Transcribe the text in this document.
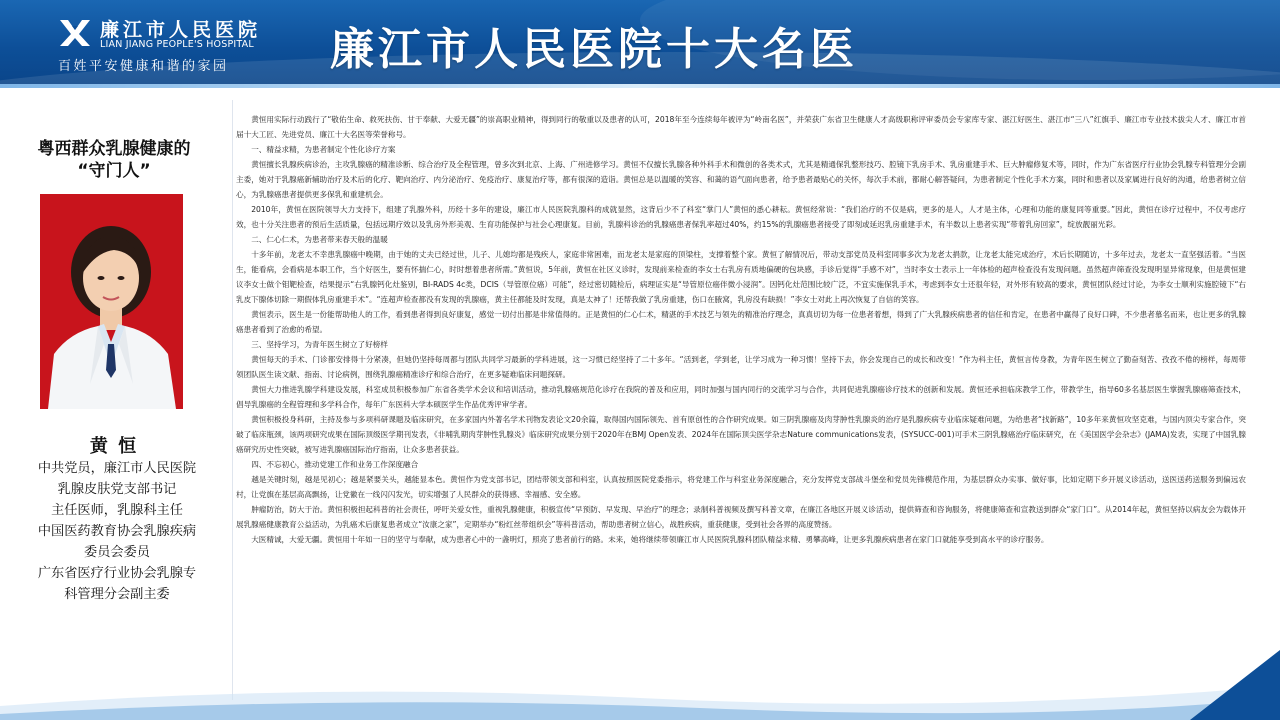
廉江市人民医院
LIAN JIANG PEOPLE'S HOSPITAL
百姓平安健康和谐的家园 廉江市人民医院十大名医
粤西群众乳腺健康的
“守门人”
黄 恒
中共党员，廉江市人民医院
乳腺皮肤党支部书记
主任医师，乳腺科主任
中国医药教育协会乳腺疾病
委员会委员
广东省医疗行业协会乳腺专
科管理分会副主委

黄恒用实际行动践行了“敬佑生命、救死扶伤、甘于奉献、大爱无疆”的崇高职业精神，得到同行的敬重以及患者的认可，2018年至今连续每年被评为“岭南名医”，并荣获广东省卫生健康人才高级职称评审委员会专家库专家、湛江好医生、湛江市“三八”红旗手、廉江市专业技术拔尖人才、廉江市首届十大工匠、先进党员、廉江十大名医等荣誉称号。

一、精益求精，为患者制定个性化诊疗方案

黄恒擅长乳腺疾病诊治，主攻乳腺癌的精准诊断、综合治疗及全程管理，曾多次到北京、上海、广州进修学习。黄恒不仅擅长乳腺各种外科手术和微创的各类术式，尤其是精通保乳整形技巧、腔镜下乳房手术、乳房重建手术、巨大肿瘤修复术等，同时，作为广东省医疗行业协会乳腺专科管理分会副主委，她对于乳腺癌新辅助治疗及术后的化疗、靶向治疗、内分泌治疗、免疫治疗、康复治疗等，都有很深的造诣。黄恒总是以温暖的笑容、和蔼的语气面向患者，给予患者最贴心的关怀，每次手术前，都耐心解答疑问，为患者制定个性化手术方案，同时和患者以及家属进行良好的沟通，给患者树立信心，为乳腺癌患者提供更多保乳和重建机会。

2010年，黄恒在医院领导大力支持下，组建了乳腺外科，历经十多年的建设，廉江市人民医院乳腺科的成就显然，这背后少不了科室“掌门人”黄恒的悉心耕耘。黄恒经常说：“我们治疗的不仅是病，更多的是人，人才是主体，心理和功能的康复同等重要。”因此，黄恒在诊疗过程中，不仅考虑疗效，也十分关注患者的预后生活质量，包括远期疗效以及乳房外形美观、生育功能保护与社会心理康复。目前，乳腺科诊治的乳腺癌患者保乳率超过40%，约15%的乳腺癌患者接受了即刻或延迟乳房重建手术，有半数以上患者实现“带着乳房回家”，绽放靓丽光彩。

二、仁心仁术，为患者带来春天般的温暖

十多年前，龙老太不幸患乳腺癌中晚期，由于她的丈夫已经过世，儿子、儿媳均都是残疾人，家庭非常困难，而龙老太是家庭的顶梁柱，支撑着整个家。黄恒了解情况后，带动支部党员及科室同事多次为龙老太捐款，让龙老太能完成治疗，术后长期随访，十多年过去，龙老太一直坚强活着。“当医生，能看病，会看病是本职工作，当个好医生，要有怀揣仁心，时时想着患者所需。”黄恒说，5年前，黄恒在社区义诊时，发现前来检查的李女士右乳房有质地偏硬的包块感，手诊后觉得“手感不对”，当时李女士表示上一年体检的超声检查没有发现问题。虽然超声筛查没发现明显异常现象，但是黄恒建议李女士做个钼靶检查，结果提示“右乳腺钙化灶鉴别，BI-RADS 4c类，DCIS（导管原位癌）可能”，经过密切随检后，病理证实是“导管原位癌伴微小浸润”。因钙化灶范围比较广泛，不宜实施保乳手术，考虑到李女士还很年轻，对外形有较高的要求，黄恒团队经过讨论，为李女士顺利实施腔镜下“右乳皮下腺体切除一期假体乳房重建手术”。“连超声检查都没有发现的乳腺癌，黄主任都能及时发现，真是太神了！还帮我做了乳房重建，伤口在腋窝，乳房没有缺损！”李女士对此上再次恢复了自信的笑容。

黄恒表示，医生是一份能帮助他人的工作，看到患者得到良好康复，感觉一切付出都是非常值得的。正是黄恒的仁心仁术，精湛的手术技艺与领先的精准治疗理念，真真切切为每一位患者着想，得到了广大乳腺疾病患者的信任和肯定，在患者中赢得了良好口碑，不少患者慕名而来，也让更多的乳腺癌患者看到了治愈的希望。

三、坚持学习，为青年医生树立了好榜样

黄恒每天的手术、门诊都安排得十分紧凑，但她仍坚持每周都与团队共同学习最新的学科进展，这一习惯已经坚持了二十多年。“活到老，学到老，让学习成为一种习惯！坚持下去，你会发现自己的成长和改变！”作为科主任，黄恒言传身教，为青年医生树立了勤奋刻苦、孜孜不倦的榜样，每周带领团队医生读文献、指南、讨论病例，围绕乳腺癌精准诊疗和综合治疗，在更多疑难临床问题探研。

黄恒大力推进乳腺学科建设发展，科室成员积极参加广东省各类学术会议和培训活动，推动乳腺癌规范化诊疗在我院的普及和应用，同时加强与国内同行的交流学习与合作，共同促进乳腺癌诊疗技术的创新和发展。黄恒还承担临床教学工作，带教学生，指导60多名基层医生掌握乳腺癌筛查技术，倡导乳腺癌的全程管理和多学科合作，每年广东医科大学本硕医学生作品优秀评审学者。

黄恒积极投身科研，主持及参与多项科研课题及临床研究，在多家国内外著名学术刊物发表论文20余篇，取得国内国际领先、首有原创性的合作研究成果。如三阴乳腺癌及肉芽肿性乳腺炎的治疗是乳腺疾病专业临床疑难问题，为给患者“找新路”，10多年来黄恒攻坚克难，与国内顶尖专家合作，突破了临床瓶颈，该两项研究成果在国际顶级医学期刊发表，《非哺乳期肉芽肿性乳腺炎》临床研究成果分别于2020年在BMJ Open发表、2024年在国际顶尖医学杂志Nature communications发表，(SYSUCC-001)可手术三阴乳腺癌治疗临床研究，在《美国医学会杂志》(JAMA)发表，实现了中国乳腺癌研究历史性突破，被写进乳腺癌国际治疗指南，让众多患者获益。

四、不忘初心，推动党建工作和业务工作深度融合

越是关键时刻，越是见初心；越是紧要关头，越能显本色。黄恒作为党支部书记，团结带领支部和科室，认真按照医院党委指示，将党建工作与科室业务深度融合，充分发挥党支部战斗堡垒和党员先锋模范作用，为基层群众办实事、做好事，比如定期下乡开展义诊活动，送医送药送服务到偏远农村，让党旗在基层高高飘扬，让党徽在一线闪闪发光，切实增强了人民群众的获得感、幸福感、安全感。

肿瘤防治，防大于治。黄恒积极担起科普的社会责任，呼吁关爱女性，重视乳腺健康，积极宣传“早预防、早发现、早治疗”的理念；录制科普视频及撰写科普文章，在廉江各地区开展义诊活动，提供筛查和咨询服务，将健康筛查和宣教送到群众“家门口”。从2014年起，黄恒坚持以病友会为载体开展乳腺癌健康教育公益活动，为乳癌术后康复患者成立“汝康之家”，定期举办“粉红丝带组织会”等科普活动，帮助患者树立信心，战胜疾病，重获健康，受到社会各界的高度赞扬。

大医精诚，大爱无疆。黄恒用十年如一日的坚守与奉献，成为患者心中的一盏明灯，照亮了患者前行的路。未来，她将继续带领廉江市人民医院乳腺科团队精益求精、勇攀高峰，让更多乳腺疾病患者在家门口就能享受到高水平的诊疗服务。
